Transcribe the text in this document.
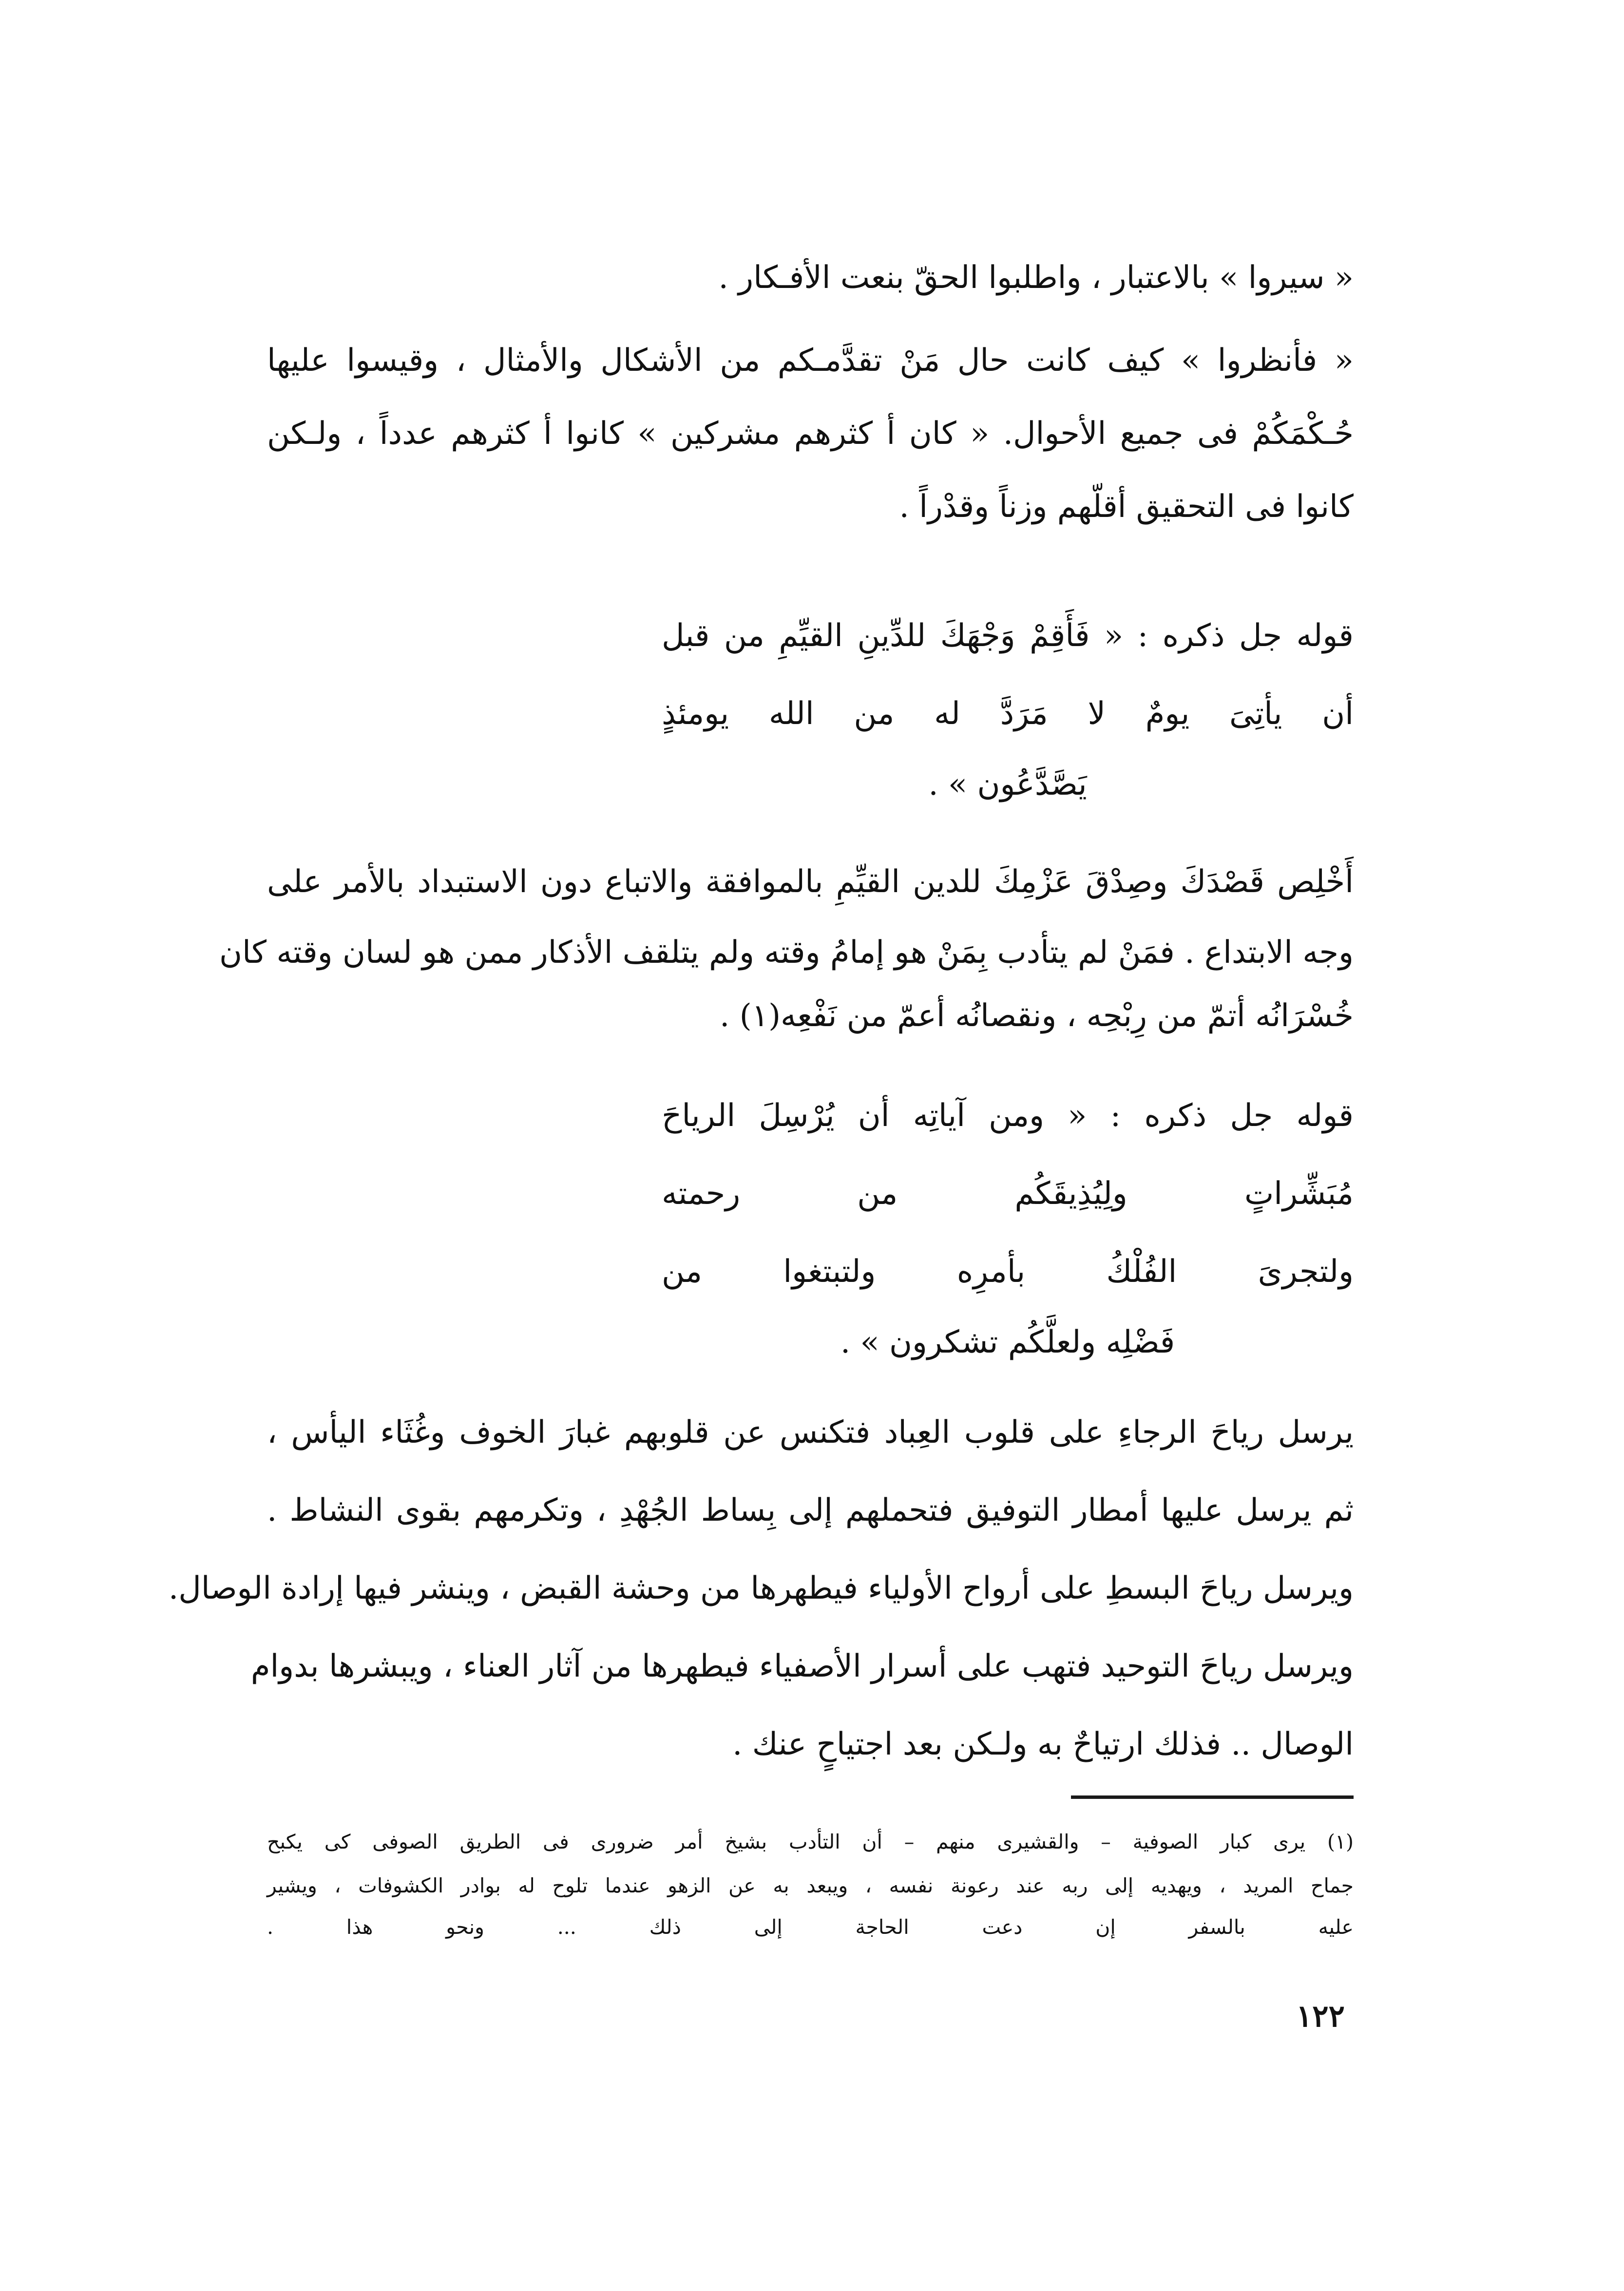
« سيروا » بالاعتبار ، واطلبوا الحقّ بنعت الأفـكار .
« فأنظروا » كيف كانت حال مَنْ تقدَّمـكم من الأشكال والأمثال ، وقيسوا عليها
حُـكْمَكُمْ فى جميع الأحوال. « كان أ كثرهم مشركين » كانوا أ كثرهم عدداً ، ولـكن
كانوا فى التحقيق أقلّهم وزناً وقدْراً .
قوله جل ذكره : « فَأَقِمْ وَجْهَكَ للدِّينِ القيِّمِ من قبل
أن يأتِىَ يومٌ لا مَرَدَّ له من الله يومئذٍ
يَصَّدَّعُون » .
أَخْلِص قَصْدَكَ وصِدْقَ عَزْمِكَ للدين القيِّمِ بالموافقة والاتباع دون الاستبداد بالأمر على
وجه الابتداع . فمَنْ لم يتأدب بِمَنْ هو إمامُ وقته ولم يتلقف الأذكار ممن هو لسان وقته كان
خُسْرَانُه أتمّ من رِبْحِه ، ونقصانُه أعمّ من نَفْعِه(١) .
قوله جل ذكره : « ومن آياتِه أن يُرْسِلَ الرياحَ
مُبَشِّراتٍ ولِيُذِيقَكُم من رحمته
ولتجرىَ الفُلْكُ بأمرِه ولتبتغوا من
فَضْلِه ولعلَّكُم تشكرون » .
يرسل رياحَ الرجاءِ على قلوب العِباد فتكنس عن قلوبهم غبارَ الخوف وغُثَاء اليأس ،
ثم يرسل عليها أمطار التوفيق فتحملهم إلى بِساط الجُهْدِ ، وتكرمهم بقوى النشاط .
ويرسل رياحَ البسطِ على أرواح الأولياء فيطهرها من وحشة القبض ، وينشر فيها إرادة الوصال.
ويرسل رياحَ التوحيد فتهب على أسرار الأصفياء فيطهرها من آثار العناء ، ويبشرها بدوام
الوصال .. فذلك ارتياحٌ به ولـكن بعد اجتياحٍ عنك .
(١) يرى كبار الصوفية – والقشيرى منهم – أن التأدب بشيخ أمر ضرورى فى الطريق الصوفى كى يكبح
جماح المريد ، ويهديه إلى ربه عند رعونة نفسه ، ويبعد به عن الزهو عندما تلوح له بوادر الكشوفات ، ويشير
عليه بالسفر إن دعت الحاجة إلى ذلك ... ونحو هذا .
١٢٢
